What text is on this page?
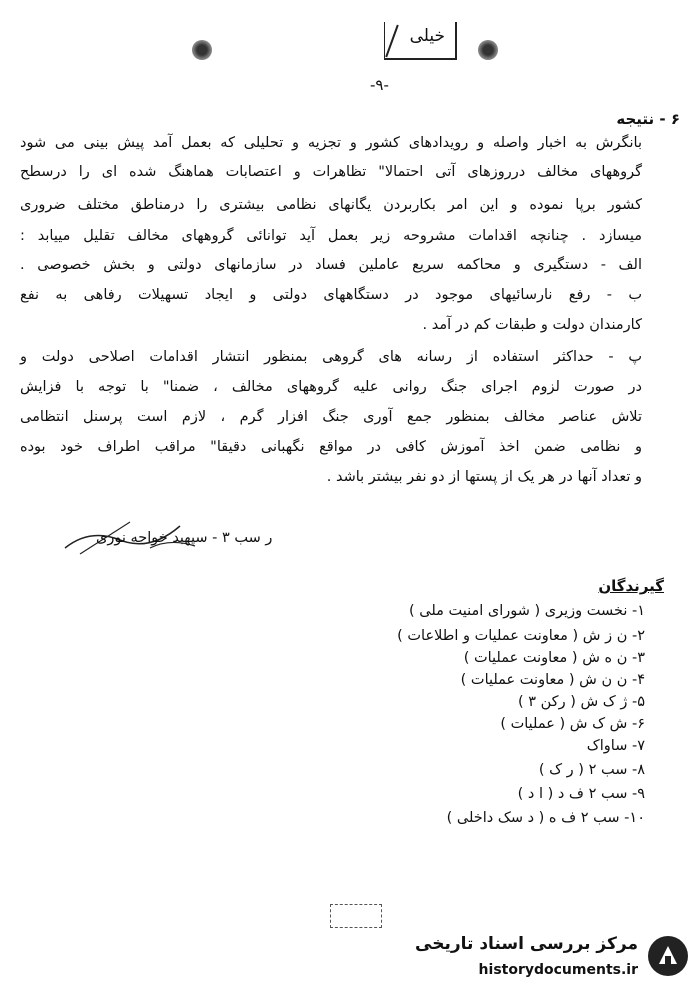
خیلی
-۹-
۶ - نتیجه
بانگرش به اخبار واصله و رویدادهای کشور و تجزیه و تحلیلی که بعمل آمد پیش بینی می شود
گروههای مخالف درروزهای آتی احتمالا" تظاهرات و اعتصابات هماهنگ شده ای را درسطح
کشور برپا نموده و این امر بکاربردن یگانهای نظامی بیشتری را درمناطق مختلف ضروری
میسازد . چنانچه اقدامات مشروحه زیر بعمل آید توانائی گروههای مخالف تقلیل مییابد :
الف - دستگیری و محاکمه سریع عاملین فساد در سازمانهای دولتی و بخش خصوصی .
ب - رفع نارسائیهای موجود در دستگاههای دولتی و ایجاد تسهیلات رفاهی به نفع
کارمندان دولت و طبقات کم در آمد .
پ - حداکثر استفاده از رسانه های گروهی بمنظور انتشار اقدامات اصلاحی دولت و
در صورت لزوم اجرای جنگ روانی علیه گروههای مخالف ، ضمنا" با توجه با فزایش
تلاش عناصر مخالف بمنظور جمع آوری جنگ افزار گرم ، لازم است پرسنل انتظامی
و نظامی ضمن اخذ آموزش کافی در مواقع نگهبانی دقیقا" مراقب اطراف خود بوده
و تعداد آنها در هر یک از پستها از دو نفر بیشتر باشد .
ر سب ۳ - سپهبد خواجه نوری
گیرندگان
۱- نخست وزیری ( شورای امنیت ملی )
۲- ن ز ش ( معاونت عملیات و اطلاعات )
۳- ن ه ش ( معاونت عملیات )
۴- ن ن ش ( معاونت عملیات )
۵- ژ ک ش ( رکن ۳ )
۶- ش ک ش ( عملیات )
۷- ساواک
۸- سب ۲ ( ر ک )
۹- سب ۲ ف د ( ا د )
۱۰- سب ۲ ف ه ( د سک داخلی )
مرکز بررسی اسناد تاریخی
historydocuments.ir
